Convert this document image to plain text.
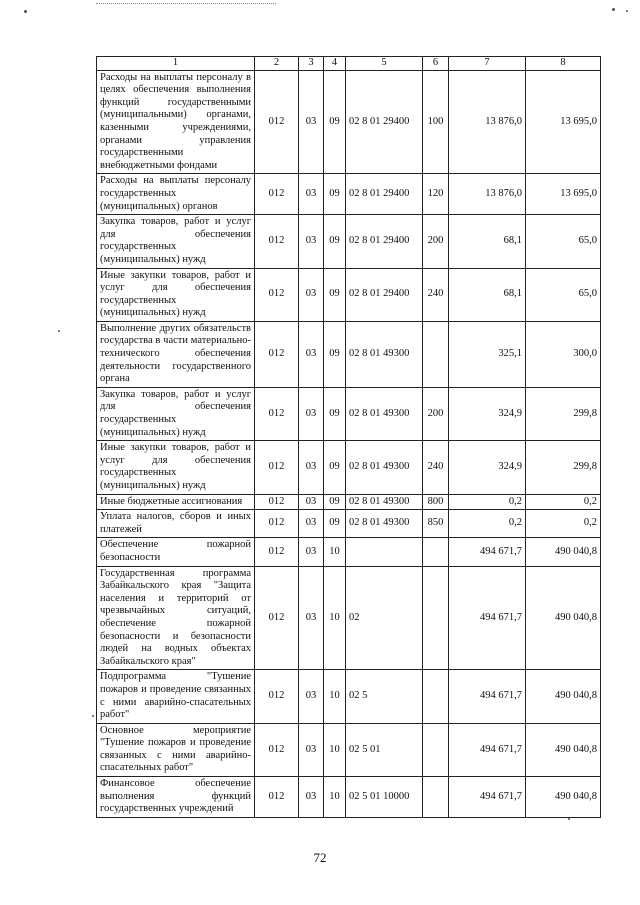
1	2	3	4	5	6	7	8
Расходы на выплаты персоналу в целях обеспечения выполнения функций государственными (муниципальными) органами, казенными учреждениями, органами управления государственными внебюджетными фондами	012	03	09	02 8 01 29400	100	13 876,0	13 695,0
Расходы на выплаты персоналу государственных (муниципальных) органов	012	03	09	02 8 01 29400	120	13 876,0	13 695,0
Закупка товаров, работ и услуг для обеспечения государственных (муниципальных) нужд	012	03	09	02 8 01 29400	200	68,1	65,0
Иные закупки товаров, работ и услуг для обеспечения государственных (муниципальных) нужд	012	03	09	02 8 01 29400	240	68,1	65,0
Выполнение других обязательств государства в части материально-технического обеспечения деятельности государственного органа	012	03	09	02 8 01 49300		325,1	300,0
Закупка товаров, работ и услуг для обеспечения государственных (муниципальных) нужд	012	03	09	02 8 01 49300	200	324,9	299,8
Иные закупки товаров, работ и услуг для обеспечения государственных (муниципальных) нужд	012	03	09	02 8 01 49300	240	324,9	299,8
Иные бюджетные ассигнования	012	03	09	02 8 01 49300	800	0,2	0,2
Уплата налогов, сборов и иных платежей	012	03	09	02 8 01 49300	850	0,2	0,2
Обеспечение пожарной безопасности	012	03	10			494 671,7	490 040,8
Государственная программа Забайкальского края "Защита населения и территорий от чрезвычайных ситуаций, обеспечение пожарной безопасности и безопасности людей на водных объектах Забайкальского края"	012	03	10	02		494 671,7	490 040,8
Подпрограмма "Тушение пожаров и проведение связанных с ними аварийно-спасательных работ"	012	03	10	02 5		494 671,7	490 040,8
Основное мероприятие "Тушение пожаров и проведение связанных с ними аварийно-спасательных работ"	012	03	10	02 5 01		494 671,7	490 040,8
Финансовое обеспечение выполнения функций государственных учреждений	012	03	10	02 5 01 10000		494 671,7	490 040,8
72
